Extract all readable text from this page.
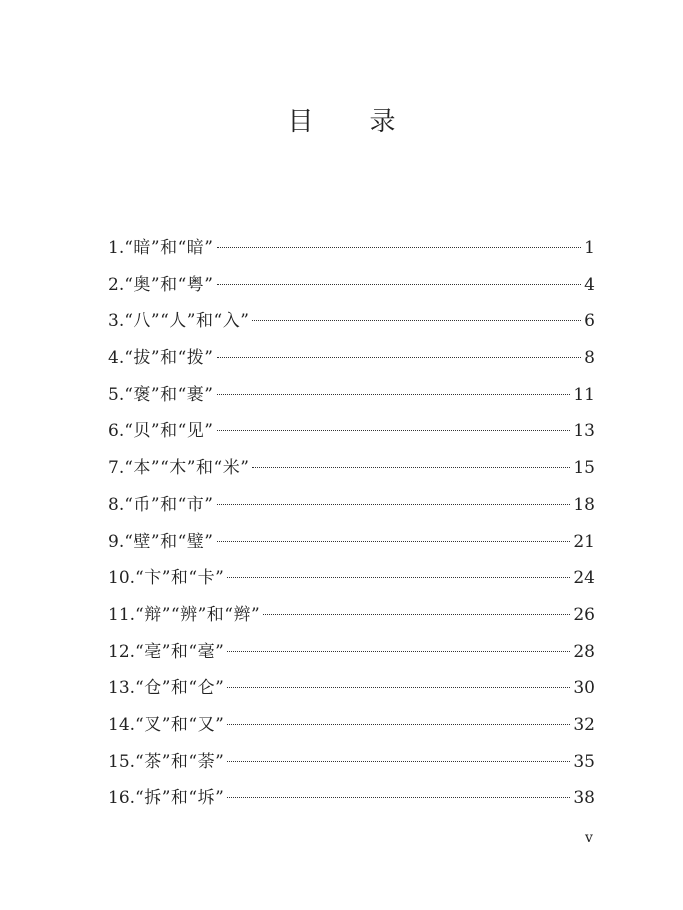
目 录
1. “暗”和“暗”	1
2. “奥”和“粤”	4
3. “八”“人”和“入”	6
4. “拔”和“拨”	8
5. “褒”和“裹”	11
6. “贝”和“见”	13
7. “本”“木”和“米”	15
8. “币”和“市”	18
9. “壁”和“璧”	21
10. “卞”和“卡”	24
11. “辩”“辨”和“辫”	26
12. “亳”和“毫”	28
13. “仓”和“仑”	30
14. “叉”和“又”	32
15. “茶”和“荼”	35
16. “拆”和“坼”	38
v
